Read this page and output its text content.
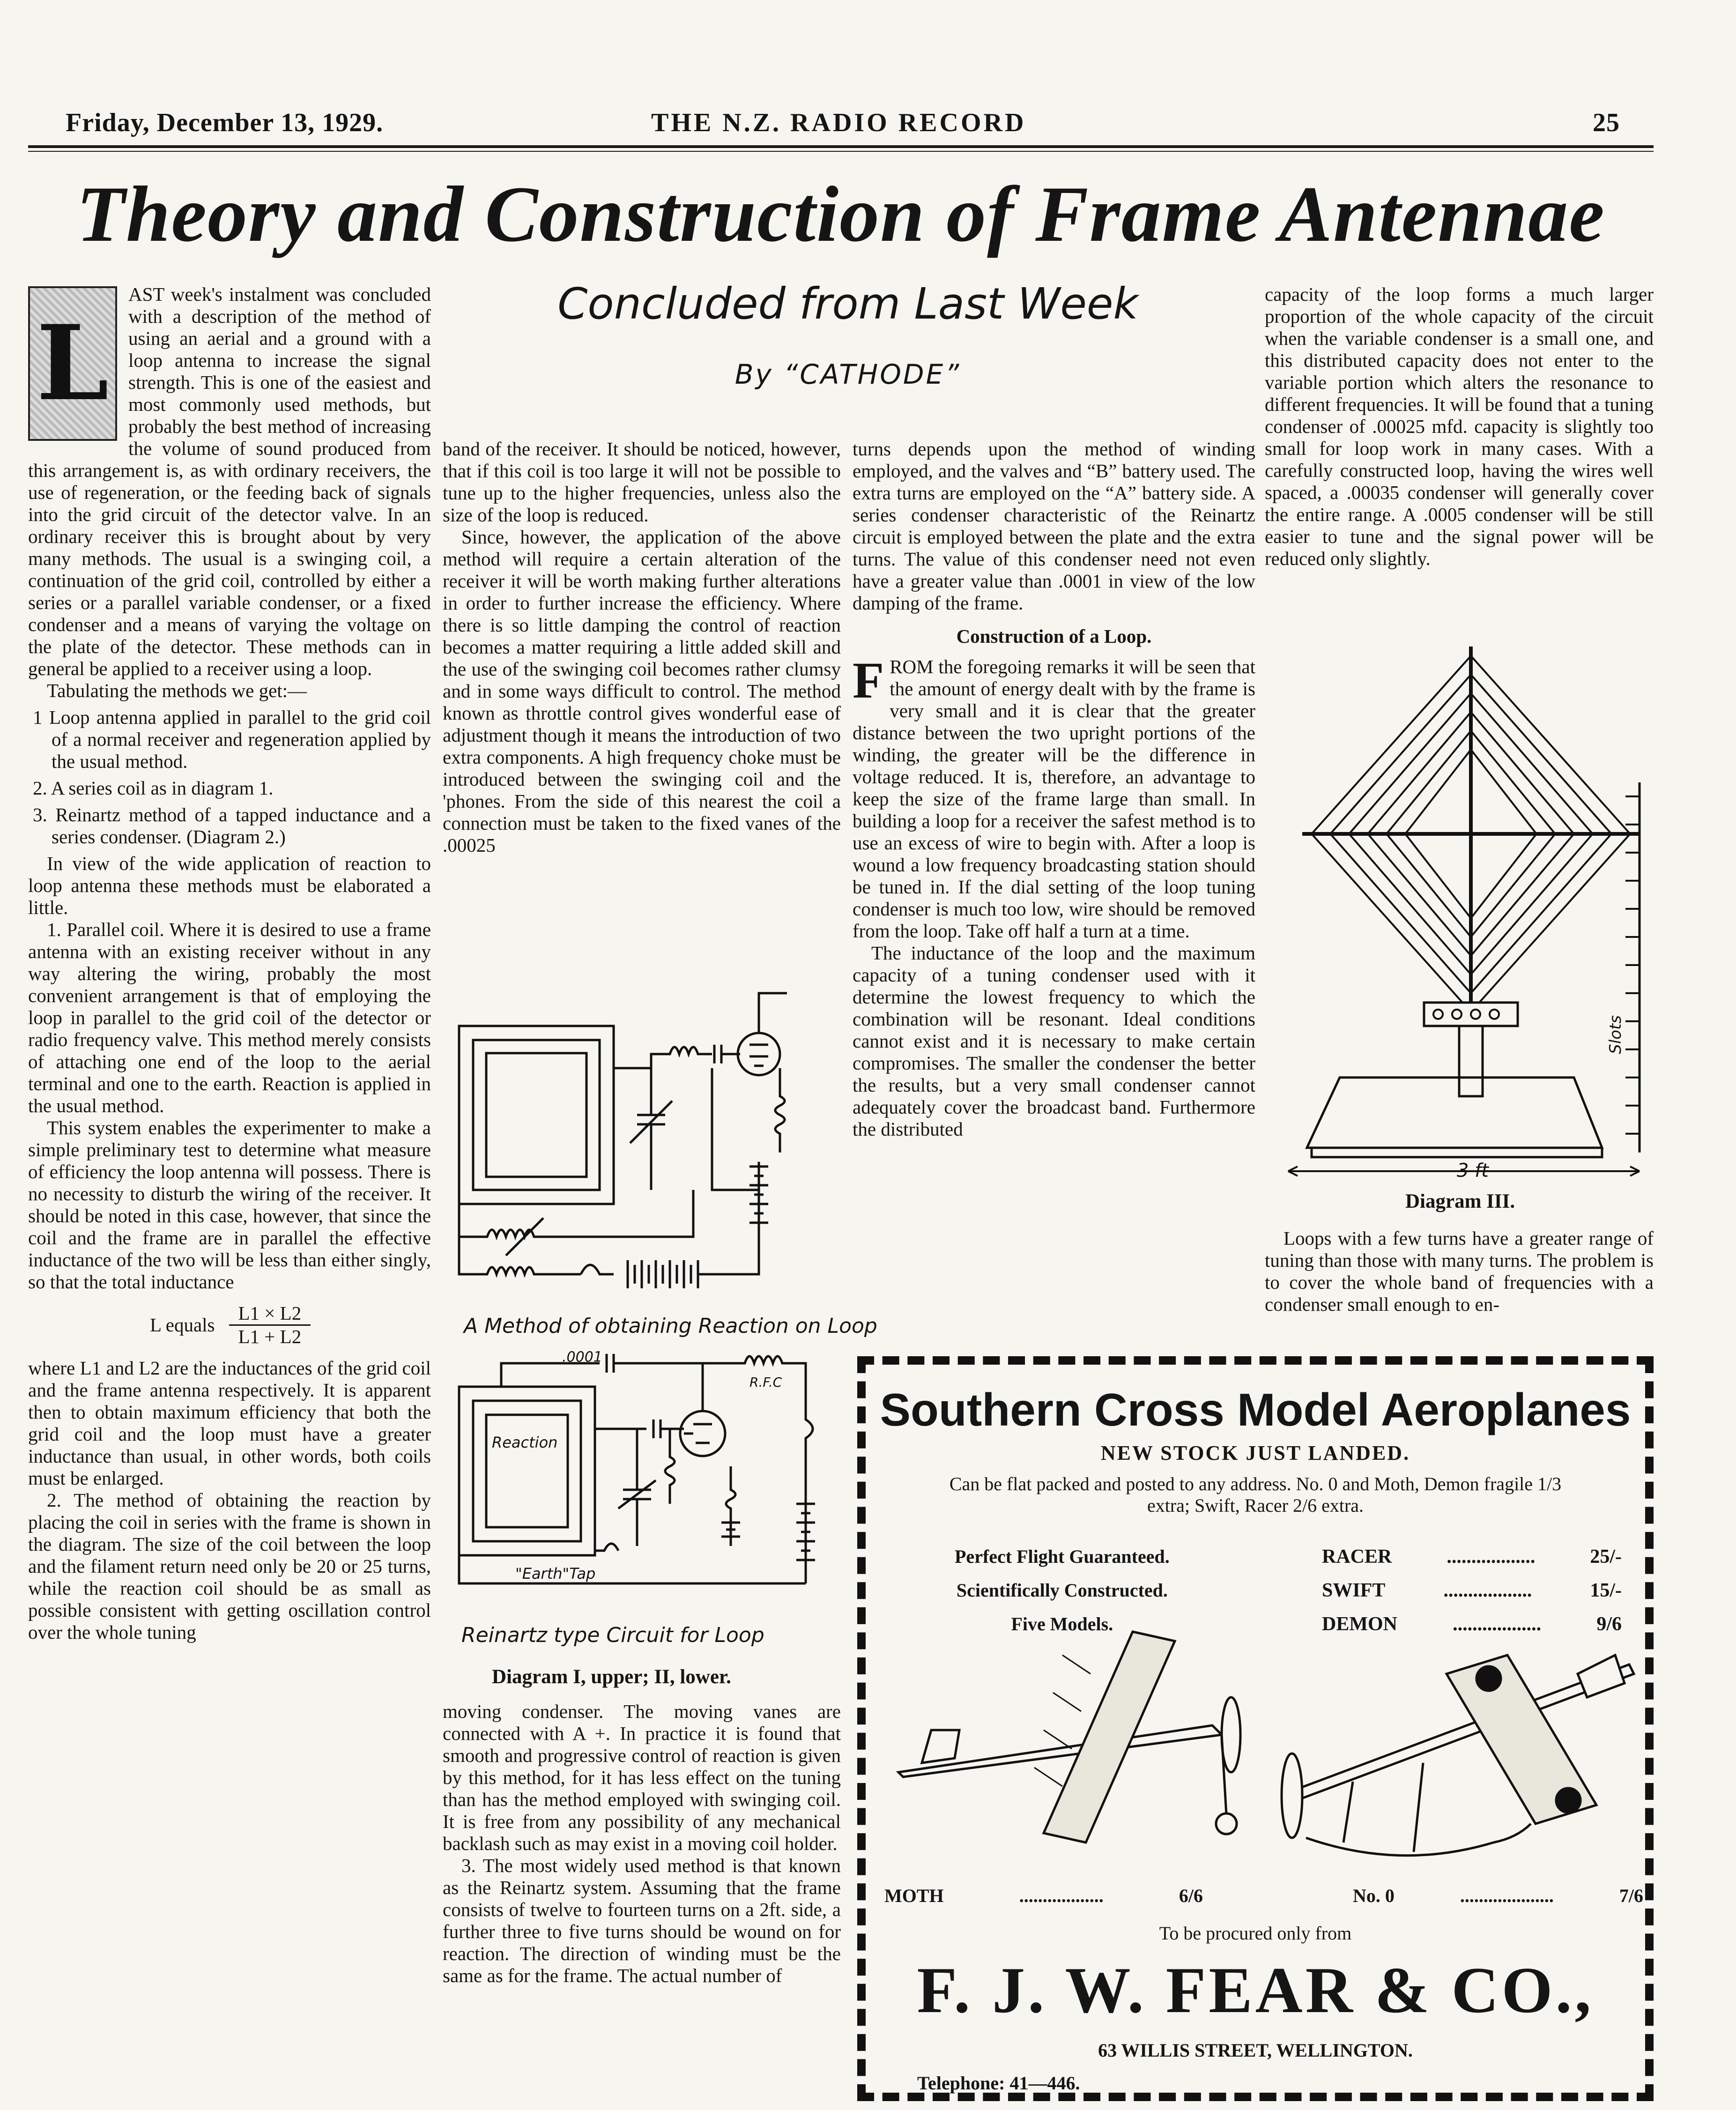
Friday, December 13, 1929.	THE N.Z. RADIO RECORD	25
Theory and Construction of Frame Antennae
Concluded from Last Week
By “CATHODE”
L

AST week's instalment was concluded with a description of the method of using an aerial and a ground with a loop antenna to increase the signal strength. This is one of the easiest and most commonly used methods, but probably the best method of increasing the volume of sound produced from this arrangement is, as with ordinary receivers, the use of regeneration, or the feeding back of signals into the grid circuit of the detector valve. In an ordinary receiver this is brought about by very many methods. The usual is a swinging coil, a continuation of the grid coil, controlled by either a series or a parallel variable condenser, or a fixed condenser and a means of varying the voltage on the plate of the detector. These methods can in general be applied to a receiver using a loop.

Tabulating the methods we get:—

1 Loop antenna applied in parallel to the grid coil of a normal receiver and regeneration applied by the usual method.

2. A series coil as in diagram 1.

3. Reinartz method of a tapped inductance and a series condenser. (Diagram 2.)

In view of the wide application of reaction to loop antenna these methods must be elaborated a little.

1. Parallel coil. Where it is desired to use a frame antenna with an existing receiver without in any way altering the wiring, probably the most convenient arrangement is that of employing the loop in parallel to the grid coil of the detector or radio frequency valve. This method merely consists of attaching one end of the loop to the aerial terminal and one to the earth. Reaction is applied in the usual method.

This system enables the experimenter to make a simple preliminary test to determine what measure of efficiency the loop antenna will possess. There is no necessity to disturb the wiring of the receiver. It should be noted in this case, however, that since the coil and the frame are in parallel the effective inductance of the two will be less than either singly, so that the total inductance

L equals $\frac{L1 \times L2}{L1 + L2}$

where L1 and L2 are the inductances of the grid coil and the frame antenna respectively. It is apparent then to obtain maximum efficiency that both the grid coil and the loop must have a greater inductance than usual, in other words, both coils must be enlarged.

2. The method of obtaining the reaction by placing the coil in series with the frame is shown in the diagram. The size of the coil between the loop and the filament return need only be 20 or 25 turns, while the reaction coil should be as small as possible consistent with getting oscillation control over the whole tuning

band of the receiver. It should be noticed, however, that if this coil is too large it will not be possible to tune up to the higher frequencies, unless also the size of the loop is reduced.

Since, however, the application of the above method will require a certain alteration of the receiver it will be worth making further alterations in order to further increase the efficiency. Where there is so little damping the control of reaction becomes a matter requiring a little added skill and the use of the swinging coil becomes rather clumsy and in some ways difficult to control. The method known as throttle control gives wonderful ease of adjustment though it means the introduction of two extra components. A high frequency choke must be introduced between the swinging coil and the 'phones. From the side of this nearest the coil a connection must be taken to the fixed vanes of the .00025

A Method of obtaining Reaction on Loop
.0001
R.F.C
Reaction
"Earth"Tap
Reinartz type Circuit for Loop
Diagram I, upper; II, lower.

moving condenser. The moving vanes are connected with A +. In practice it is found that smooth and progressive control of reaction is given by this method, for it has less effect on the tuning than has the method employed with swinging coil. It is free from any possibility of any mechanical backlash such as may exist in a moving coil holder.

3. The most widely used method is that known as the Reinartz system. Assuming that the frame consists of twelve to fourteen turns on a 2ft. side, a further three to five turns should be wound on for reaction. The direction of winding must be the same as for the frame. The actual number of

turns depends upon the method of winding employed, and the valves and “B” battery used. The extra turns are employed on the “A” battery side. A series condenser characteristic of the Reinartz circuit is employed between the plate and the extra turns. The value of this condenser need not even have a greater value than .0001 in view of the low damping of the frame.

Construction of a Loop.

FROM the foregoing remarks it will be seen that the amount of energy dealt with by the frame is very small and it is clear that the greater distance between the two upright portions of the winding, the greater will be the difference in voltage reduced. It is, therefore, an advantage to keep the size of the frame large than small. In building a loop for a receiver the safest method is to use an excess of wire to begin with. After a loop is wound a low frequency broadcasting station should be tuned in. If the dial setting of the loop tuning condenser is much too low, wire should be removed from the loop. Take off half a turn at a time.

The inductance of the loop and the maximum capacity of a tuning condenser used with it determine the lowest frequency to which the combination will be resonant. Ideal conditions cannot exist and it is necessary to make certain compromises. The smaller the condenser the better the results, but a very small condenser cannot adequately cover the broadcast band. Furthermore the distributed

capacity of the loop forms a much larger proportion of the whole capacity of the circuit when the variable condenser is a small one, and this distributed capacity does not enter to the variable portion which alters the resonance to different frequencies. It will be found that a tuning condenser of .00025 mfd. capacity is slightly too small for loop work in many cases. With a carefully constructed loop, having the wires well spaced, a .00035 condenser will generally cover the entire range. A .0005 condenser will be still easier to tune and the signal power will be reduced only slightly.

Slots
3 ft
Diagram III.

Loops with a few turns have a greater range of tuning than those with many turns. The problem is to cover the whole band of frequencies with a condenser small enough to en-

Southern Cross Model Aeroplanes
NEW STOCK JUST LANDED.
Can be flat packed and posted to any address. No. 0 and Moth, Demon fragile 1/3 extra; Swift, Racer 2/6 extra.
Perfect Flight Guaranteed.
Scientifically Constructed.
Five Models.
RACER	..................	25/-
SWIFT	..................	15/-
DEMON	..................	9/6
MOTH	..................	6/6	No. 0	....................	7/6
To be procured only from
F. J. W. FEAR & CO.,
63 WILLIS STREET, WELLINGTON.
Telephone: 41—446.
